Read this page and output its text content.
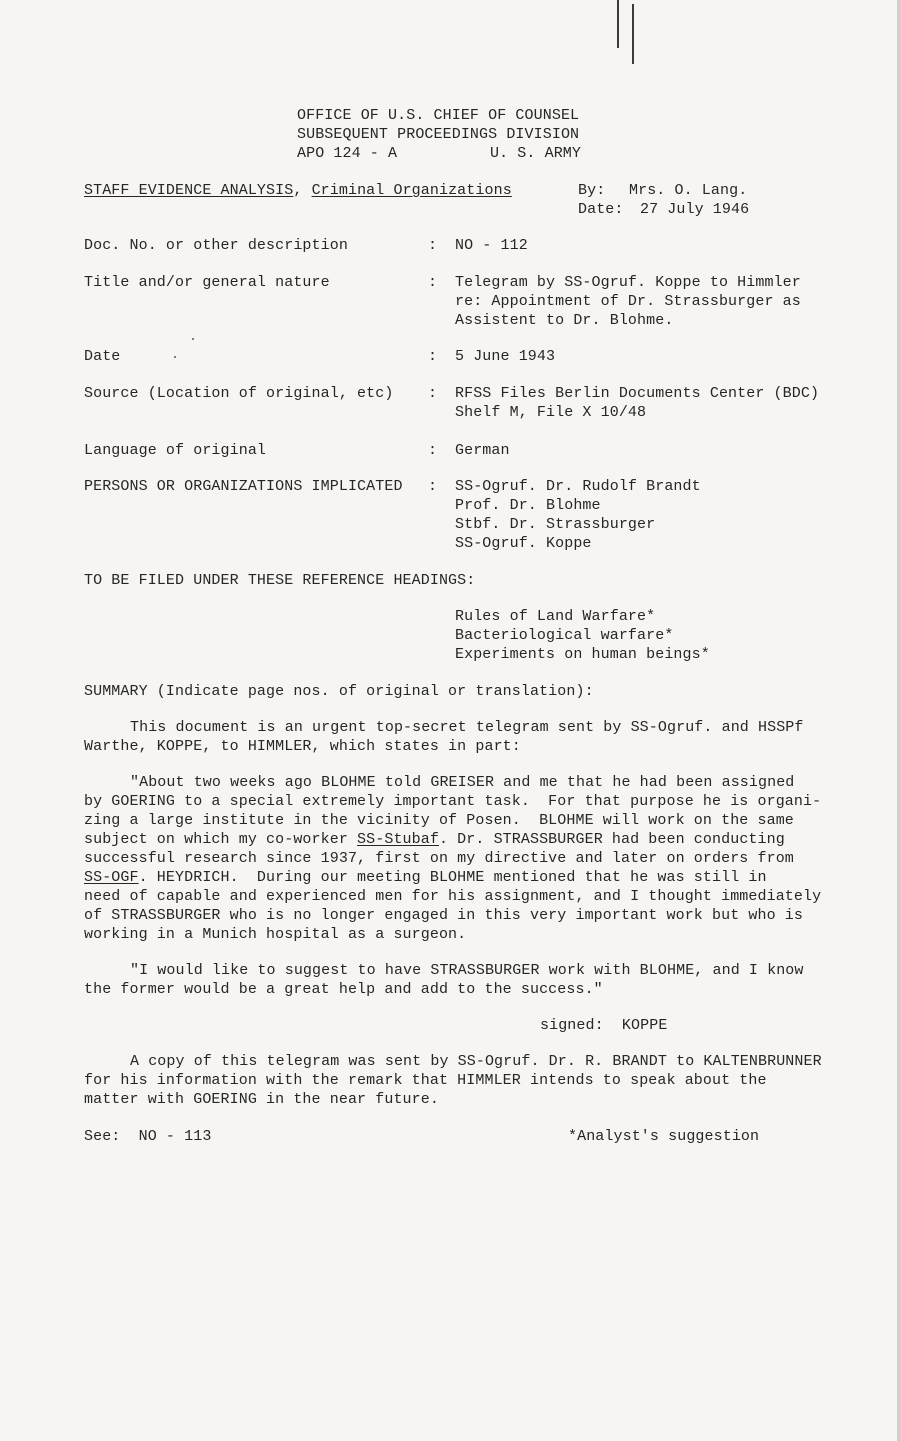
OFFICE OF U.S. CHIEF OF COUNSEL
SUBSEQUENT PROCEEDINGS DIVISION
APO 124 - A	U. S. ARMY
STAFF EVIDENCE ANALYSIS, Criminal Organizations	By: Mrs. O. Lang.
Date: 27 July 1946
Doc. No. or other description	: NO - 112
Title and/or general nature	: Telegram by SS-Ogruf. Koppe to Himmler
re: Appointment of Dr. Strassburger as
Assistent to Dr. Blohme.
Date	: 5 June 1943
Source (Location of original, etc) : RFSS Files Berlin Documents Center (BDC)
Shelf M, File X 10/48
Language of original	: German
PERSONS OR ORGANIZATIONS IMPLICATED : SS-Ogruf. Dr. Rudolf Brandt
Prof. Dr. Blohme
Stbf. Dr. Strassburger
SS-Ogruf. Koppe
TO BE FILED UNDER THESE REFERENCE HEADINGS:
Rules of Land Warfare*
Bacteriological warfare*
Experiments on human beings*
SUMMARY (Indicate page nos. of original or translation):
This document is an urgent top-secret telegram sent by SS-Ogruf. and HSSPf
Warthe, KOPPE, to HIMMLER, which states in part:
"About two weeks ago BLOHME told GREISER and me that he had been assigned
by GOERING to a special extremely important task.  For that purpose he is organi-
zing a large institute in the vicinity of Posen.  BLOHME will work on the same
subject on which my co-worker SS-Stubaf. Dr. STRASSBURGER had been conducting
successful research since 1937, first on my directive and later on orders from
SS-OGF. HEYDRICH.  During our meeting BLOHME mentioned that he was still in
need of capable and experienced men for his assignment, and I thought immediately
of STRASSBURGER who is no longer engaged in this very important work but who is
working in a Munich hospital as a surgeon.
"I would like to suggest to have STRASSBURGER work with BLOHME, and I know
the former would be a great help and add to the success."
signed:  KOPPE
A copy of this telegram was sent by SS-Ogruf. Dr. R. BRANDT to KALTENBRUNNER
for his information with the remark that HIMMLER intends to speak about the
matter with GOERING in the near future.
See:  NO - 113	*Analyst's suggestion
